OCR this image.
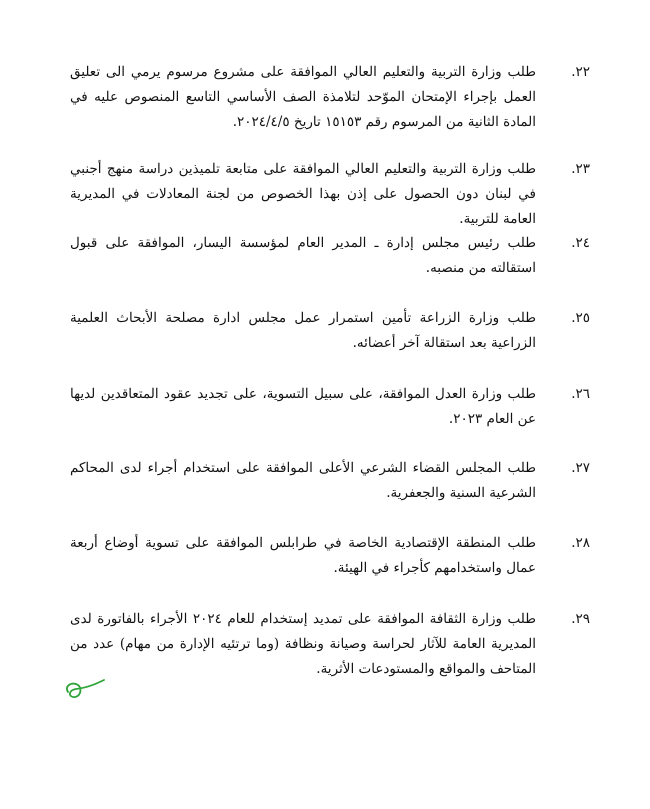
٢٢.
طلب وزارة التربية والتعليم العالي الموافقة على مشروع مرسوم يرمي الى تعليق العمل بإجراء الإمتحان الموّحد لتلامذة الصف الأساسي التاسع المنصوص عليه في المادة الثانية من المرسوم رقم ١٥١٥٣ تاريخ ٢٠٢٤/٤/٥.
٢٣.
طلب وزارة التربية والتعليم العالي الموافقة على متابعة تلميذين دراسة منهج أجنبي في لبنان دون الحصول على إذن بهذا الخصوص من لجنة المعادلات في المديرية العامة للتربية.
٢٤.
طلب رئيس مجلس إدارة ـ المدير العام لمؤسسة اليسار، الموافقة على قبول استقالته من منصبه.
٢٥.
طلب وزارة الزراعة تأمين استمرار عمل مجلس ادارة مصلحة الأبحاث العلمية الزراعية بعد استقالة آخر أعضائه.
٢٦.
طلب وزارة العدل الموافقة، على سبيل التسوية، على تجديد عقود المتعاقدين لديها عن العام ٢٠٢٣.
٢٧.
طلب المجلس القضاء الشرعي الأعلى الموافقة على استخدام أجراء لدى المحاكم الشرعية السنية والجعفرية.
٢٨.
طلب المنطقة الإقتصادية الخاصة في طرابلس الموافقة على تسوية أوضاع أربعة عمال واستخدامهم كأجراء في الهيئة.
٢٩.
طلب وزارة الثقافة الموافقة على تمديد إستخدام للعام ٢٠٢٤ الأجراء بالفاتورة لدى المديرية العامة للآثار لحراسة وصيانة ونظافة (وما ترتئيه الإدارة من مهام) عدد من المتاحف والمواقع والمستودعات الأثرية.
